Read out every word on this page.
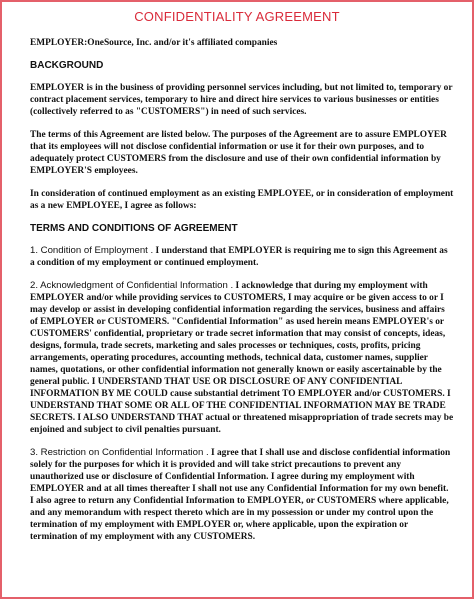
CONFIDENTIALITY AGREEMENT
EMPLOYER:OneSource, Inc. and/or it's affiliated companies
BACKGROUND

EMPLOYER is in the business of providing personnel services including, but not limited to, temporary or contract placement services, temporary to hire and direct hire services to various businesses or entities (collectively referred to as "CUSTOMERS") in need of such services.

The terms of this Agreement are listed below. The purposes of the Agreement are to assure EMPLOYER that its employees will not disclose confidential information or use it for their own purposes, and to adequately protect CUSTOMERS from the disclosure and use of their own confidential information by EMPLOYER'S employees.

In consideration of continued employment as an existing EMPLOYEE, or in consideration of employment as a new EMPLOYEE, I agree as follows:

TERMS AND CONDITIONS OF AGREEMENT

1. Condition of Employment . I understand that EMPLOYER is requiring me to sign this Agreement as a condition of my employment or continued employment.

2. Acknowledgment of Confidential Information . I acknowledge that during my employment with EMPLOYER and/or while providing services to CUSTOMERS, I may acquire or be given access to or I may develop or assist in developing confidential information regarding the services, business and affairs of EMPLOYER or CUSTOMERS. "Confidential Information" as used herein means EMPLOYER's or CUSTOMERS' confidential, proprietary or trade secret information that may consist of concepts, ideas, designs, formula, trade secrets, marketing and sales processes or techniques, costs, profits, pricing arrangements, operating procedures, accounting methods, technical data, customer names, supplier names, quotations, or other confidential information not generally known or easily ascertainable by the general public. I UNDERSTAND THAT USE OR DISCLOSURE OF ANY CONFIDENTIAL INFORMATION BY ME COULD cause substantial detriment TO EMPLOYER and/or CUSTOMERS. I UNDERSTAND THAT SOME OR ALL OF THE CONFIDENTIAL INFORMATION MAY BE TRADE SECRETS. I ALSO UNDERSTAND THAT actual or threatened misappropriation of trade secrets may be enjoined and subject to civil penalties pursuant.

3. Restriction on Confidential Information . I agree that I shall use and disclose confidential information solely for the purposes for which it is provided and will take strict precautions to prevent any unauthorized use or disclosure of Confidential Information. I agree during my employment with EMPLOYER and at all times thereafter I shall not use any Confidential Information for my own benefit. I also agree to return any Confidential Information to EMPLOYER, or CUSTOMERS where applicable, and any memorandum with respect thereto which are in my possession or under my control upon the termination of my employment with EMPLOYER or, where applicable, upon the expiration or termination of my employment with any CUSTOMERS.
